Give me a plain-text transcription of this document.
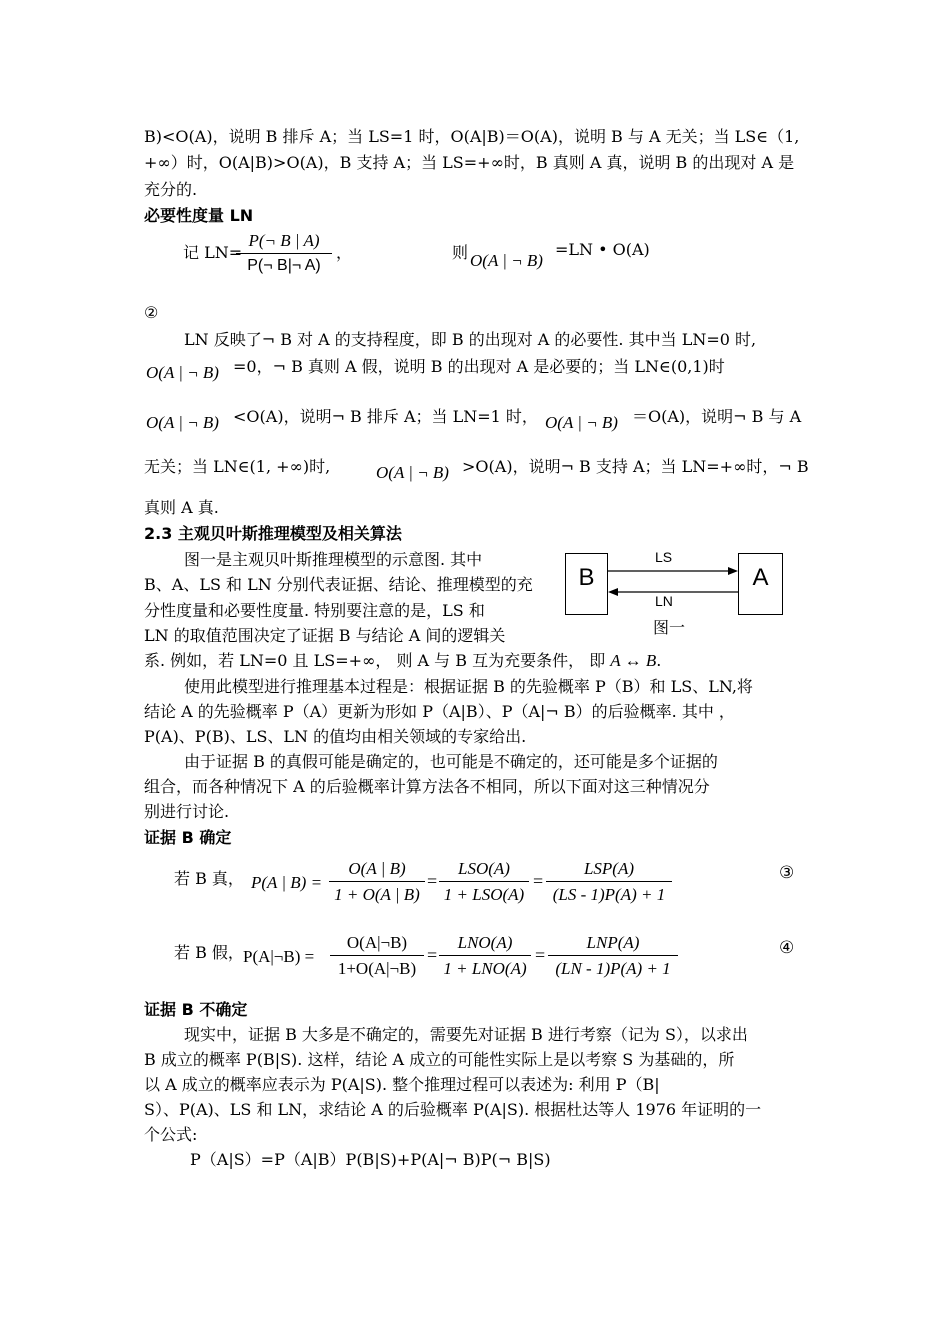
B)<O(A)，说明 B 排斥 A；当 LS=1 时，O(A|B)＝O(A)，说明 B 与 A 无关；当 LS∈（1,
+∞）时，O(A|B)>O(A)，B 支持 A；当 LS=+∞时，B 真则 A 真，说明 B 的出现对 A 是
充分的.
必要性度量 LN
记 LN=
$\frac{P(\neg B | A)}{P(\neg B|\neg A)}$ ，	则 O(A | ¬ B)
=LN • O(A)
②
LN 反映了¬ B 对 A 的支持程度，即 B 的出现对 A 的必要性. 其中当 LN=0 时,
O(A | ¬ B) =0，¬ B 真则 A 假，说明 B 的出现对 A 是必要的；当 LN∈(0,1)时
O(A | ¬ B) <O(A)，说明¬ B 排斥 A；当 LN=1 时， O(A | ¬ B) ＝O(A)，说明¬ B 与 A
无关；当 LN∈(1, +∞)时,	O(A | ¬ B) >O(A)，说明¬ B 支持 A；当 LN=+∞时，¬ B
真则 A 真.
2.3 主观贝叶斯推理模型及相关算法
图一是主观贝叶斯推理模型的示意图. 其中
B、A、LS 和 LN 分别代表证据、结论、推理模型的充
分性度量和必要性度量. 特别要注意的是，LS 和
LN 的取值范围决定了证据 B 与结论 A 间的逻辑关
系. 例如，若 LN=0 且 LS=+∞， 则 A 与 B 互为充要条件， 即 A ↔ B.
B	A
LS
LN
图一
使用此模型进行推理基本过程是：根据证据 B 的先验概率 P（B）和 LS、LN,将
结论 A 的先验概率 P（A）更新为形如 P（A|B）、P（A|¬ B）的后验概率. 其中 ，
P(A)、P(B)、LS、LN 的值均由相关领域的专家给出.
由于证据 B 的真假可能是确定的，也可能是不确定的，还可能是多个证据的
组合，而各种情况下 A 的后验概率计算方法各不相同，所以下面对这三种情况分
别进行讨论.
证据 B 确定
若 B 真， P(A | $B) = \frac{O(A | B)}{1 + O(A | B)}$ =
LSO(A)
1 + LSO(A)
=
LSP(A)
(LS - 1)P(A) + 1
③
若 B 假， P(A|¬B) = $\frac{O(A|\neg B)}{1+O(A|\neg B)}$ =
LNO(A)
1 + LNO(A)
=
LNP(A)
(LN - 1)P(A) + 1
④
证据 B 不确定
现实中，证据 B 大多是不确定的，需要先对证据 B 进行考察（记为 S），以求出
B 成立的概率 P(B|S). 这样，结论 A 成立的可能性实际上是以考察 S 为基础的，所
以 A 成立的概率应表示为 P(A|S). 整个推理过程可以表述为: 利用 P（B|
S）、P(A)、LS 和 LN，求结论 A 的后验概率 P(A|S). 根据杜达等人 1976 年证明的一
个公式:
P（A|S）=P（A|B）P(B|S)+P(A|¬ B)P(¬ B|S)
